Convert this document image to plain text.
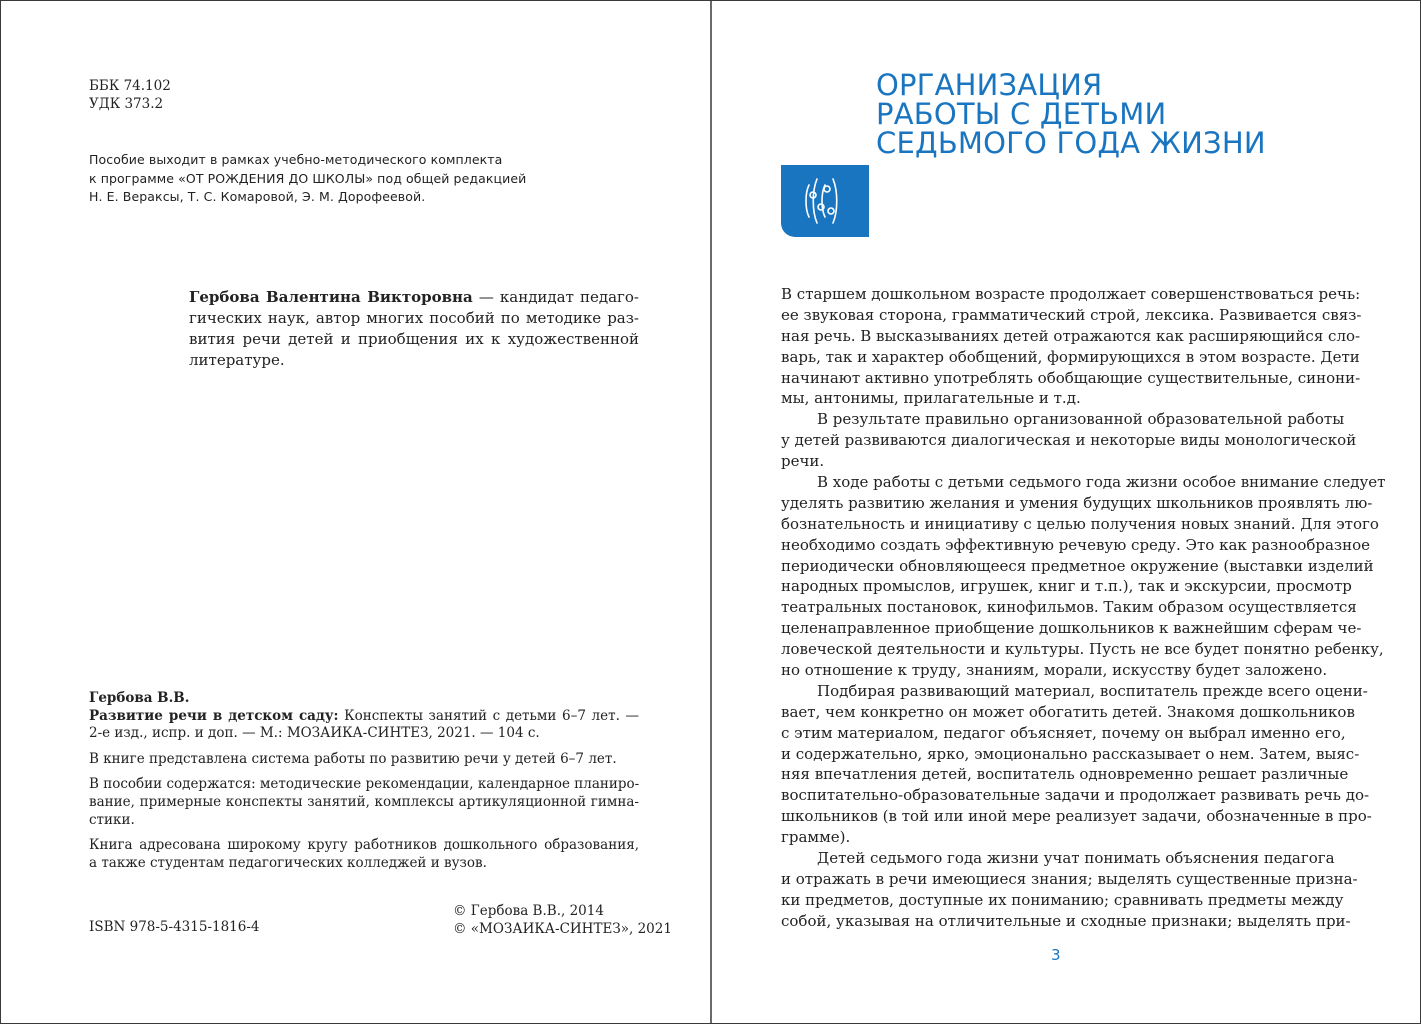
ББК 74.102
УДК 373.2
Пособие выходит в рамках учебно-методического комплекта
к программе «ОТ РОЖДЕНИЯ ДО ШКОЛЫ» под общей редакцией
Н. Е. Вераксы, Т. С. Комаровой, Э. М. Дорофеевой.
Гербова Валентина Викторовна — кандидат педаго-
гических наук, автор многих пособий по методике раз-
вития речи детей и приобщения их к художественной
литературе.
Гербова В.В.
Развитие речи в детском саду: Конспекты занятий с детьми 6–7 лет. —
2-е изд., испр. и доп. — М.: МОЗАИКА-СИНТЕЗ, 2021. — 104 с.
В книге представлена система работы по развитию речи у детей 6–7 лет.
В пособии содержатся: методические рекомендации, календарное планиро-
вание, примерные конспекты занятий, комплексы артикуляционной гимна-
стики.
Книга адресована широкому кругу работников дошкольного образования,
а также студентам педагогических колледжей и вузов.
© Гербова В.В., 2014
© «МОЗАИКА-СИНТЕЗ», 2021
ISBN 978-5-4315-1816-4
ОРГАНИЗАЦИЯ
РАБОТЫ С ДЕТЬМИ
СЕДЬМОГО ГОДА ЖИЗНИ
В старшем дошкольном возрасте продолжает совершенствоваться речь:
ее звуковая сторона, грамматический строй, лексика. Развивается связ-
ная речь. В высказываниях детей отражаются как расширяющийся сло-
варь, так и характер обобщений, формирующихся в этом возрасте. Дети
начинают активно употреблять обобщающие существительные, синони-
мы, антонимы, прилагательные и т.д.
В результате правильно организованной образовательной работы
у детей развиваются диалогическая и некоторые виды монологической
речи.
В ходе работы с детьми седьмого года жизни особое внимание следует
уделять развитию желания и умения будущих школьников проявлять лю-
бознательность и инициативу с целью получения новых знаний. Для этого
необходимо создать эффективную речевую среду. Это как разнообразное
периодически обновляющееся предметное окружение (выставки изделий
народных промыслов, игрушек, книг и т.п.), так и экскурсии, просмотр
театральных постановок, кинофильмов. Таким образом осуществляется
целенаправленное приобщение дошкольников к важнейшим сферам че-
ловеческой деятельности и культуры. Пусть не все будет понятно ребенку,
но отношение к труду, знаниям, морали, искусству будет заложено.
Подбирая развивающий материал, воспитатель прежде всего оцени-
вает, чем конкретно он может обогатить детей. Знакомя дошкольников
с этим материалом, педагог объясняет, почему он выбрал именно его,
и содержательно, ярко, эмоционально рассказывает о нем. Затем, выяс-
няя впечатления детей, воспитатель одновременно решает различные
воспитательно-образовательные задачи и продолжает развивать речь до-
школьников (в той или иной мере реализует задачи, обозначенные в про-
грамме).
Детей седьмого года жизни учат понимать объяснения педагога
и отражать в речи имеющиеся знания; выделять существенные призна-
ки предметов, доступные их пониманию; сравнивать предметы между
собой, указывая на отличительные и сходные признаки; выделять при-
3
